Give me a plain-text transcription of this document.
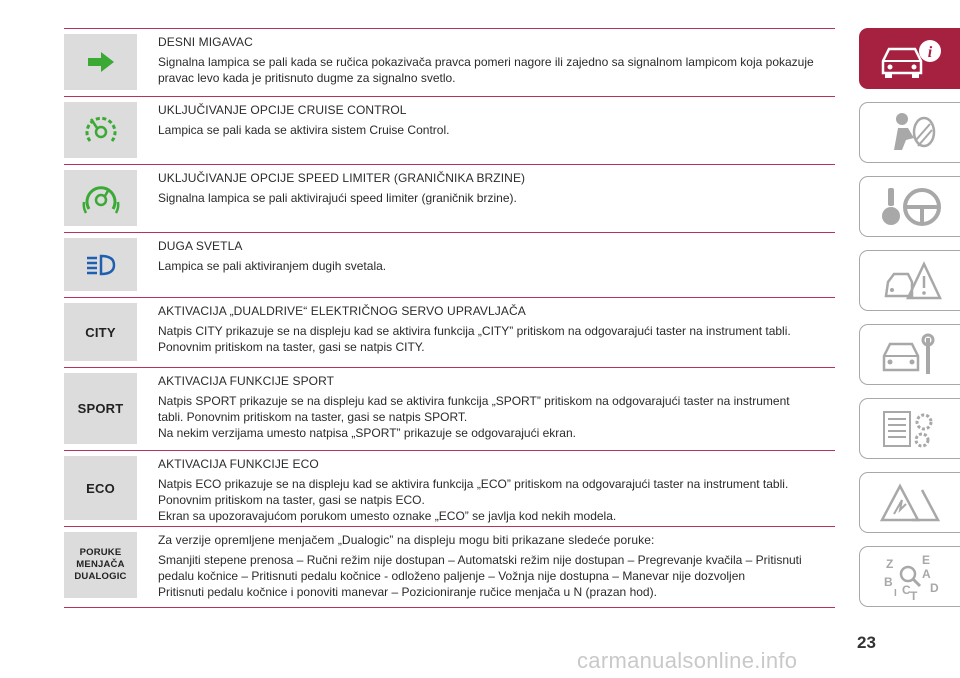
DESNI MIGAVAC

Signalna lampica se pali kada se ručica pokazivača pravca pomeri nagore ili zajedno sa signalnom lampicom koja pokazuje

pravac levo kada je pritisnuto dugme za signalno svetlo.

UKLJUČIVANJE OPCIJE CRUISE CONTROL

Lampica se pali kada se aktivira sistem Cruise Control.

UKLJUČIVANJE OPCIJE SPEED LIMITER (GRANIČNIKA BRZINE)

Signalna lampica se pali aktivirajući speed limiter (graničnik brzine).

DUGA SVETLA

Lampica se pali aktiviranjem dugih svetala.

CITY
AKTIVACIJA „DUALDRIVE“ ELEKTRIČNOG SERVO UPRAVLJAČA

Natpis CITY prikazuje se na displeju kad se aktivira funkcija „CITY” pritiskom na odgovarajući taster na instrument tabli.

Ponovnim pritiskom na taster, gasi se natpis CITY.

SPORT
AKTIVACIJA FUNKCIJE SPORT

Natpis SPORT prikazuje se na displeju kad se aktivira funkcija „SPORT” pritiskom na odgovarajući taster na instrument

tabli. Ponovnim pritiskom na taster, gasi se natpis SPORT.

Na nekim verzijama umesto natpisa „SPORT” prikazuje se odgovarajući ekran.

ECO
AKTIVACIJA FUNKCIJE ECO

Natpis ECO prikazuje se na displeju kad se aktivira funkcija „ECO” pritiskom na odgovarajući taster na instrument tabli.

Ponovnim pritiskom na taster, gasi se natpis ECO.

Ekran sa upozoravajućom porukom umesto oznake „ECO” se javlja kod nekih modela.

PORUKE
MENJAČA
DUALOGIC
Za verzije opremljene menjačem „Dualogic” na displeju mogu biti prikazane sledeće poruke:

Smanjiti stepene prenosa – Ručni režim nije dostupan – Automatski režim nije dostupan – Pregrevanje kvačila – Pritisnuti

pedalu kočnice – Pritisnuti pedalu kočnice - odloženo paljenje – Vožnja nije dostupna – Manevar nije dozvoljen

Pritisnuti pedalu kočnice i ponoviti manevar – Pozicioniranje ručice menjača u N (prazan hod).

i
Z E
A
B
C
I T
D
23
carmanualsonline.info
